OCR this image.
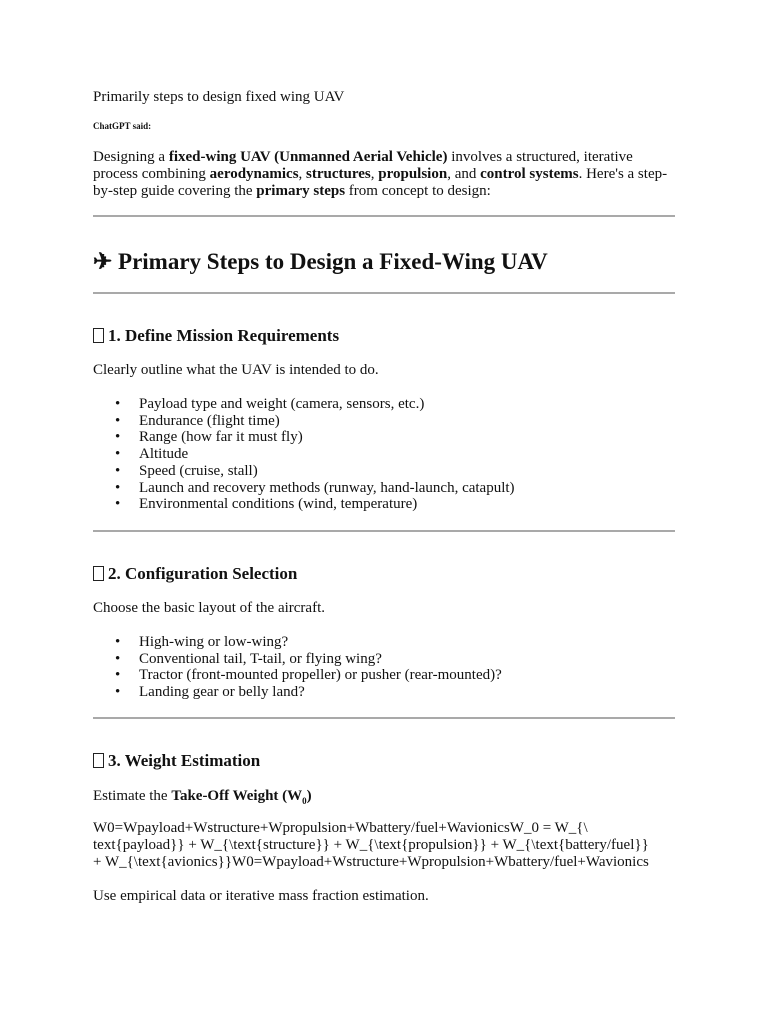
Primarily steps to design fixed wing UAV

ChatGPT said:

Designing a fixed-wing UAV (Unmanned Aerial Vehicle) involves a structured, iterative process combining aerodynamics, structures, propulsion, and control systems. Here's a step-by-step guide covering the primary steps from concept to design:

✈ Primary Steps to Design a Fixed-Wing UAV
1. Define Mission Requirements

Clearly outline what the UAV is intended to do.

• Payload type and weight (camera, sensors, etc.)
• Endurance (flight time)
• Range (how far it must fly)
• Altitude
• Speed (cruise, stall)
• Launch and recovery methods (runway, hand-launch, catapult)
• Environmental conditions (wind, temperature)
2. Configuration Selection

Choose the basic layout of the aircraft.

• High-wing or low-wing?
• Conventional tail, T-tail, or flying wing?
• Tractor (front-mounted propeller) or pusher (rear-mounted)?
• Landing gear or belly land?
3. Weight Estimation

Estimate the Take-Off Weight $(W_0)$

W0=Wpayload+Wstructure+Wpropulsion+Wbattery/fuel+WavionicsW_0 = W_{\
text{payload}} + W_{\text{structure}} + W_{\text{propulsion}} + W_{\text{battery/fuel}}
+ W_{\text{avionics}}W0=Wpayload+Wstructure+Wpropulsion+Wbattery/fuel+Wavionics

Use empirical data or iterative mass fraction estimation.
